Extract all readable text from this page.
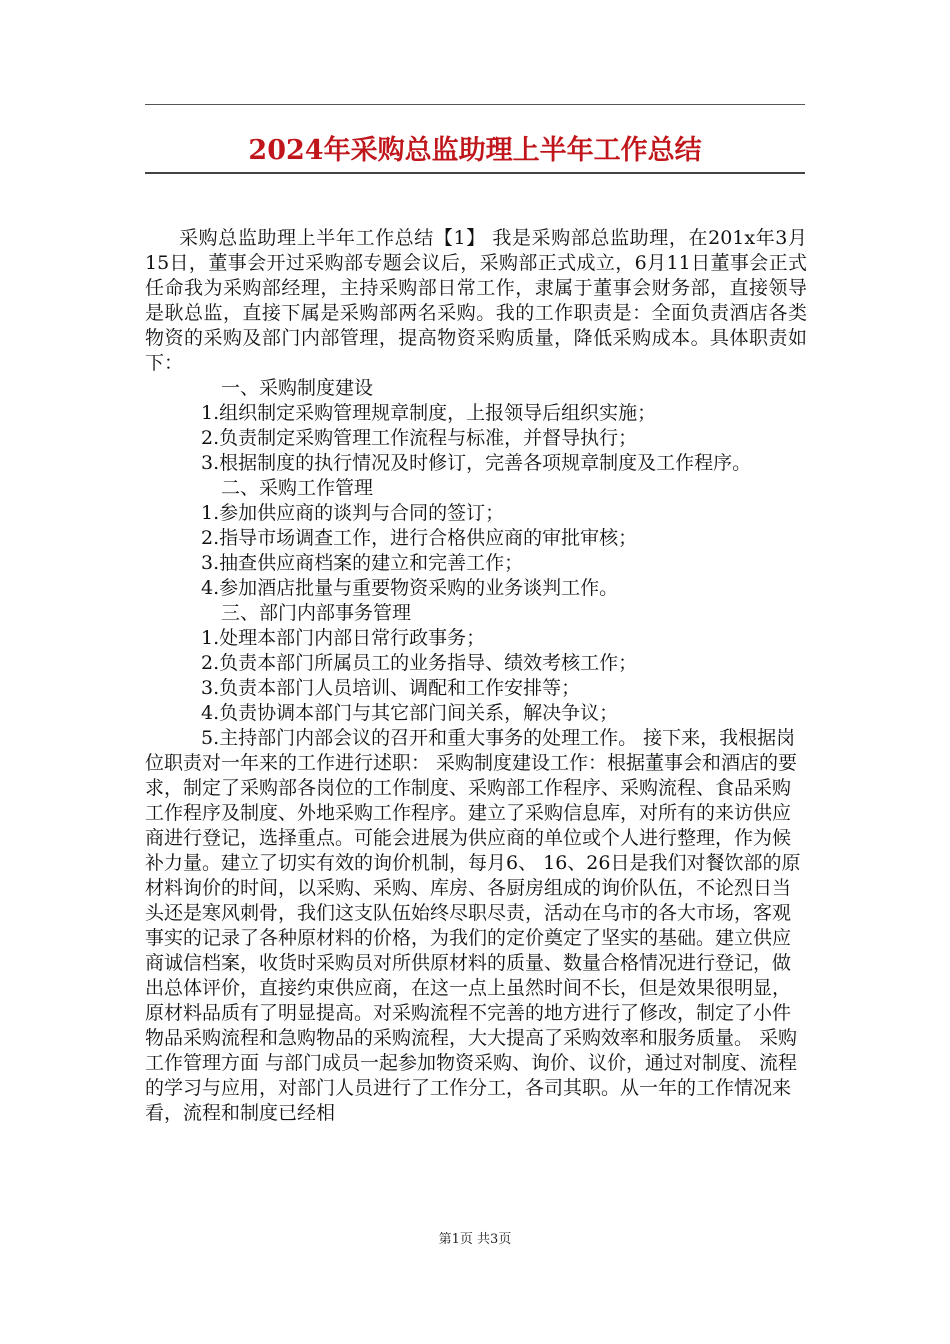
2024年采购总监助理上半年工作总结

采购总监助理上半年工作总结【1】 我是采购部总监助理，在201x年3月15日，董事会开过采购部专题会议后，采购部正式成立，6月11日董事会正式任命我为采购部经理，主持采购部日常工作，隶属于董事会财务部，直接领导是耿总监，直接下属是采购部两名采购。我的工作职责是：全面负责酒店各类物资的采购及部门内部管理，提高物资采购质量，降低采购成本。具体职责如下：

一、采购制度建设

1.组织制定采购管理规章制度，上报领导后组织实施；

2.负责制定采购管理工作流程与标准，并督导执行；

3.根据制度的执行情况及时修订，完善各项规章制度及工作程序。

二、采购工作管理

1.参加供应商的谈判与合同的签订；

2.指导市场调查工作，进行合格供应商的审批审核；

3.抽查供应商档案的建立和完善工作；

4.参加酒店批量与重要物资采购的业务谈判工作。

三、部门内部事务管理

1.处理本部门内部日常行政事务；

2.负责本部门所属员工的业务指导、绩效考核工作；

3.负责本部门人员培训、调配和工作安排等；

4.负责协调本部门与其它部门间关系，解决争议；

5.主持部门内部会议的召开和重大事务的处理工作。 接下来，我根据岗位职责对一年来的工作进行述职： 采购制度建设工作：根据董事会和酒店的要求，制定了采购部各岗位的工作制度、采购部工作程序、采购流程、食品采购工作程序及制度、外地采购工作程序。建立了采购信息库，对所有的来访供应商进行登记，选择重点。可能会进展为供应商的单位或个人进行整理，作为候补力量。建立了切实有效的询价机制，每月6、 16、26日是我们对餐饮部的原材料询价的时间，以采购、采购、库房、各厨房组成的询价队伍，不论烈日当头还是寒风刺骨，我们这支队伍始终尽职尽责，活动在乌市的各大市场，客观事实的记录了各种原材料的价格，为我们的定价奠定了坚实的基础。建立供应商诚信档案，收货时采购员对所供原材料的质量、数量合格情况进行登记，做出总体评价，直接约束供应商，在这一点上虽然时间不长，但是效果很明显，原材料品质有了明显提高。对采购流程不完善的地方进行了修改，制定了小件物品采购流程和急购物品的采购流程，大大提高了采购效率和服务质量。 采购工作管理方面 与部门成员一起参加物资采购、询价、议价，通过对制度、流程的学习与应用，对部门人员进行了工作分工，各司其职。从一年的工作情况来看，流程和制度已经相

第1页 共3页
